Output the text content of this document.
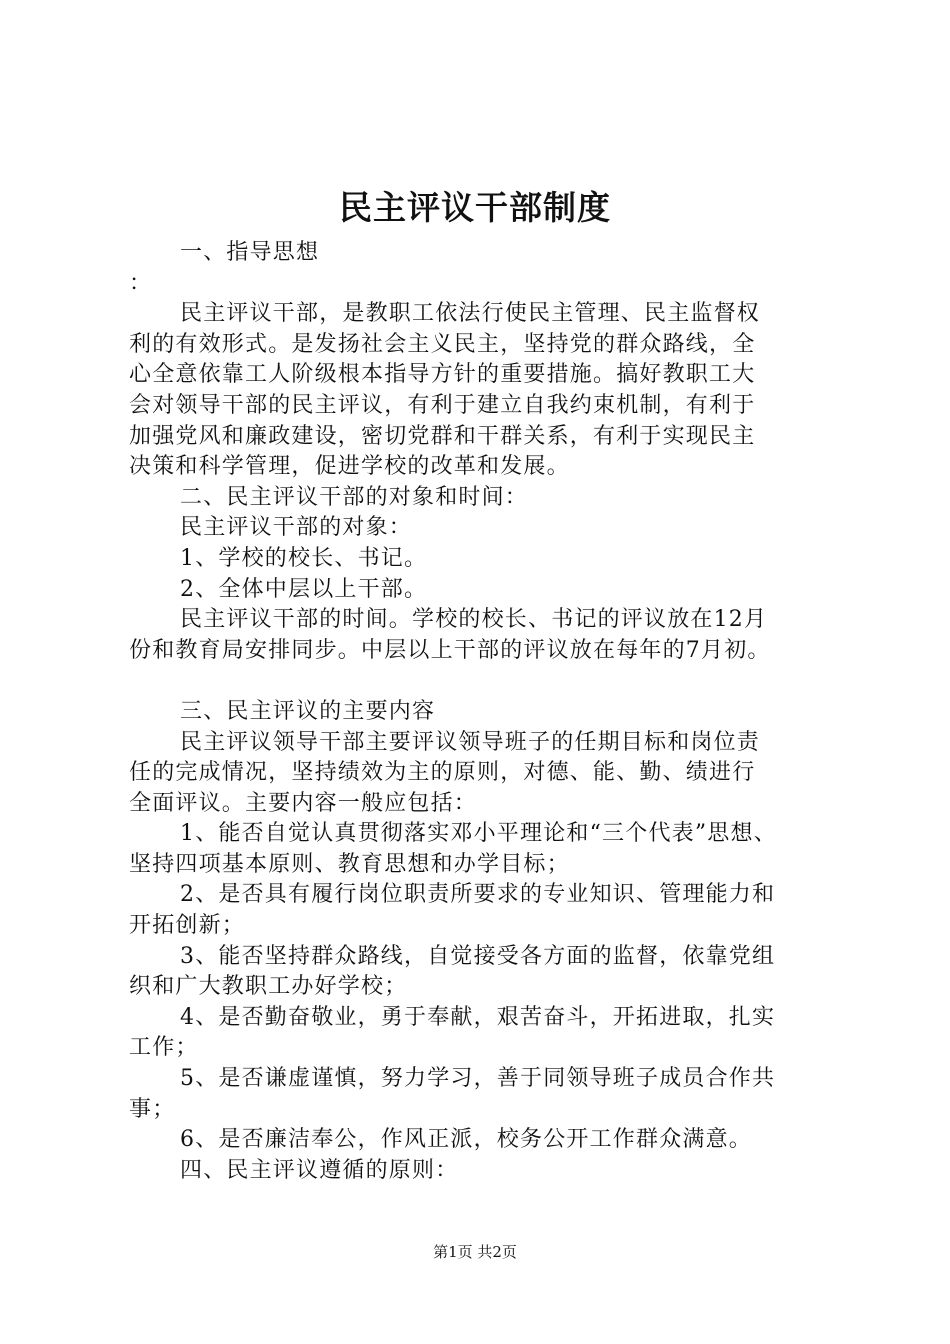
民主评议干部制度
一、指导思想
：
民主评议干部，是教职工依法行使民主管理、民主监督权
利的有效形式。是发扬社会主义民主，坚持党的群众路线，全
心全意依靠工人阶级根本指导方针的重要措施。搞好教职工大
会对领导干部的民主评议，有利于建立自我约束机制，有利于
加强党风和廉政建设，密切党群和干群关系，有利于实现民主
决策和科学管理，促进学校的改革和发展。
二、民主评议干部的对象和时间：
民主评议干部的对象：
1、学校的校长、书记。
2、全体中层以上干部。
民主评议干部的时间。学校的校长、书记的评议放在12月
份和教育局安排同步。中层以上干部的评议放在每年的7月初。
三、民主评议的主要内容
民主评议领导干部主要评议领导班子的任期目标和岗位责
任的完成情况，坚持绩效为主的原则，对德、能、勤、绩进行
全面评议。主要内容一般应包括：
1、能否自觉认真贯彻落实邓小平理论和“三个代表”思想、
坚持四项基本原则、教育思想和办学目标；
2、是否具有履行岗位职责所要求的专业知识、管理能力和
开拓创新；
3、能否坚持群众路线，自觉接受各方面的监督，依靠党组
织和广大教职工办好学校；
4、是否勤奋敬业，勇于奉献，艰苦奋斗，开拓进取，扎实
工作；
5、是否谦虚谨慎，努力学习，善于同领导班子成员合作共
事；
6、是否廉洁奉公，作风正派，校务公开工作群众满意。
四、民主评议遵循的原则：
第1页 共2页
